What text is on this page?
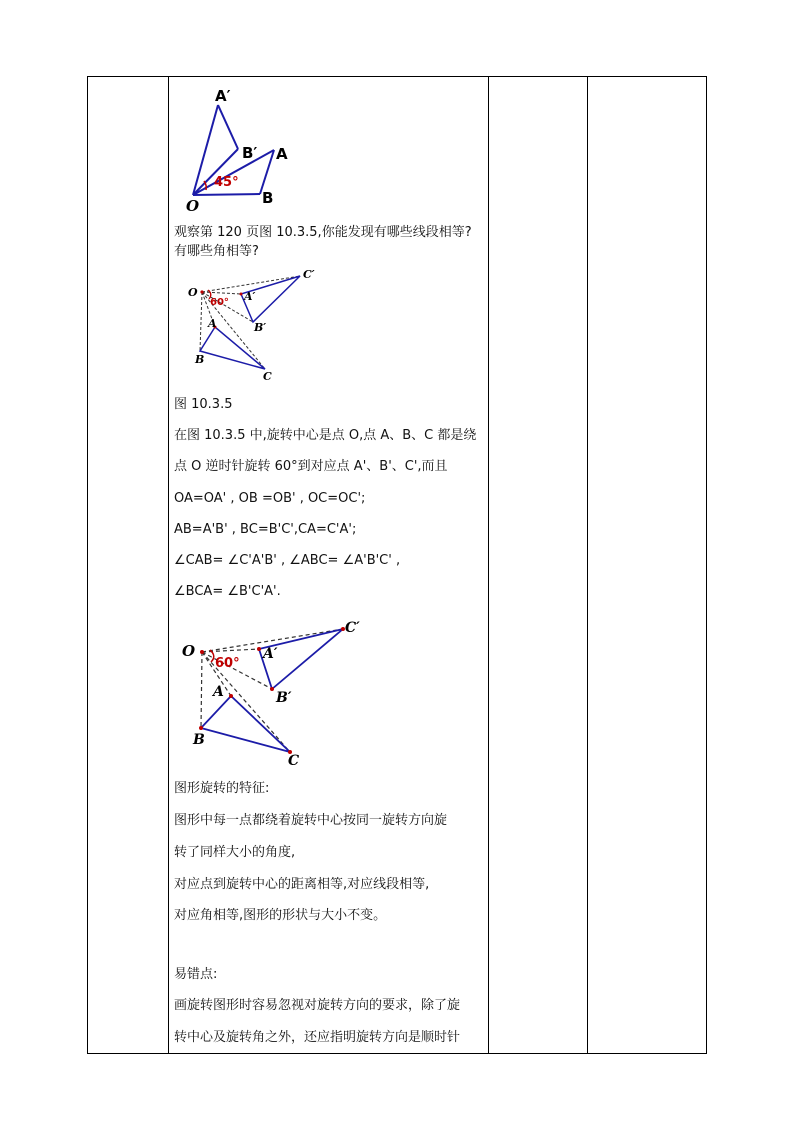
45°
A′
B′ A
B
O
观察第 120 页图 10.3.5,你能发现有哪些线段相等?
有哪些角相等?
60°
O	A′
B′
C′
A
B
C
图 10.3.5
在图 10.3.5 中,旋转中心是点 O,点 A、B、C 都是绕
点 O 逆时针旋转 60°到对应点 A'、B'、C',而且
OA=OA' , OB =OB' , OC=OC';
AB=A'B' , BC=B'C',CA=C'A';
∠CAB= ∠C'A'B' , ∠ABC= ∠A'B'C' ,
∠BCA= ∠B'C'A'.
60°
O	A′
B′
C′
A
B
C
图形旋转的特征:
图形中每一点都绕着旋转中心按同一旋转方向旋
转了同样大小的角度,
对应点到旋转中心的距离相等,对应线段相等,
对应角相等,图形的形状与大小不变。
易错点:
画旋转图形时容易忽视对旋转方向的要求，除了旋
转中心及旋转角之外，还应指明旋转方向是顺时针
